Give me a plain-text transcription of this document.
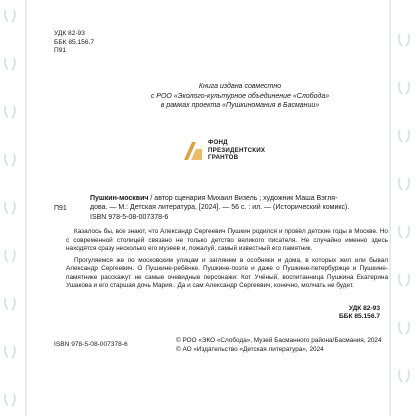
УДК 82-93
ББК 85.156.7
П91
Книга издана совместно
с РОО «Эколого-культурное объединение «Слобода»
в рамках проекта «Пушкиномания в Басмании»
ФОНД
ПРЕЗИДЕНТСКИХ
ГРАНТОВ
П91
Пушкин-москвич / автор сценария Михаил Визель ; художник Маша Вэгля-
дова. — М.: Детская литература, [2024]. — 56 с. : ил. — (Исторический комикс).
ISBN 978-5-08-007378-6

Казалось бы, все знают, что Александр Сергеевич Пушкин родился и провёл детские годы в Москве. Но с современной столицей связано не только детство великого писателя. Не случайно именно здесь находятся сразу несколько его музеев и, пожалуй, самый известный его памятник.

Прогуляемся же по московским улицам и заглянем в особняки и дома, в которых жил или бывал Александр Сергеевич. О Пушкине-ребёнке. Пушкине-поэте и даже о Пушкине-петербуржце и Пушкине-памятнике расскажут не самые очевидные персонажи: Кот Учёный, воспитанница Пушкина Екатерина Ушакова и его старшая дочь Мария.. Да и сам Александр Сергеевич, конечно, молчать не будет.

УДК 82-93
ББК 85.156.7
ISBN 978-5-08-007378-6
© РОО «ЭКО «Слобода», Музей Басманного района/Басмания, 2024
© АО «Издательство «Детская литература», 2024
